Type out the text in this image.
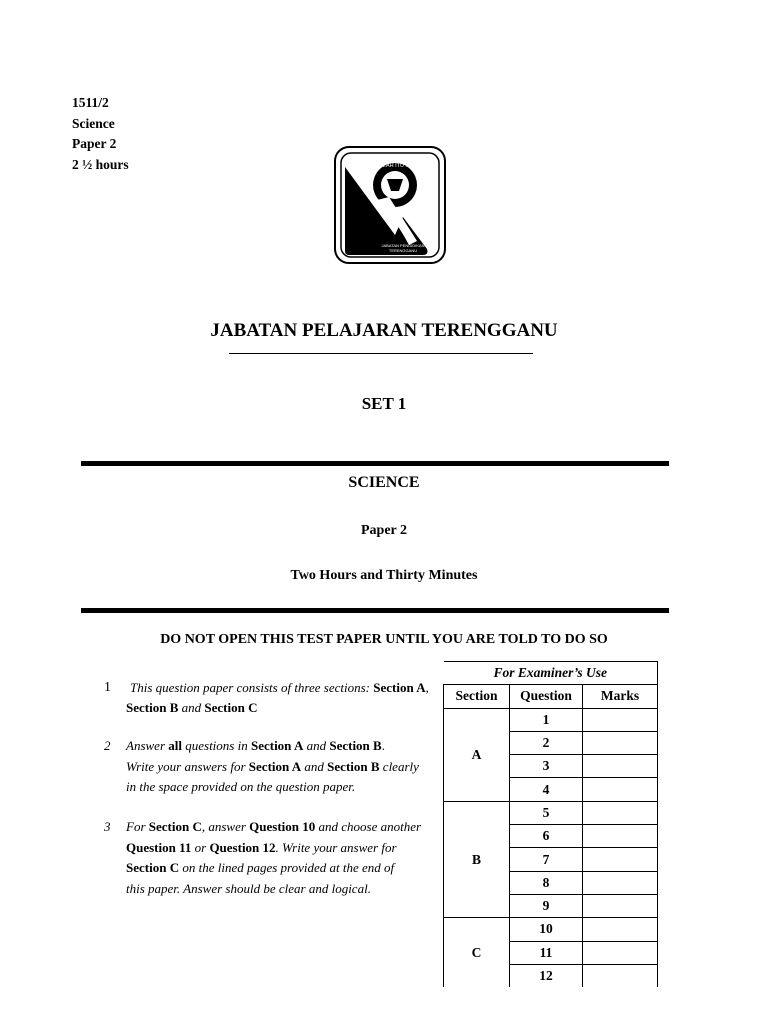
1511/2
Science
Paper 2
2 ½ hours	SEKOLAH ITU MULIA
JABATAN PENDIDIKAN
TERENGGANU
JABATAN PELAJARAN TERENGGANU
SET 1
SCIENCE
Paper 2
Two Hours and Thirty Minutes
DO NOT OPEN THIS TEST PAPER UNTIL YOU ARE TOLD TO DO SO
1 This question paper consists of three sections: Section A,
Section B and Section C
2 Answer all questions in Section A and Section B.
Write your answers for Section A and Section B clearly
in the space provided on the question paper.
3 For Section C, answer Question 10 and choose another
Question 11 or Question 12. Write your answer for
Section C on the lined pages provided at the end of
this paper. Answer should be clear and logical.
For Examiner’s Use		
Section	Question	Marks
A	1	
	2	
	3	
	4	
B	5	
	6	
	7	
	8	
	9	
C	10	
	11	
	12	
